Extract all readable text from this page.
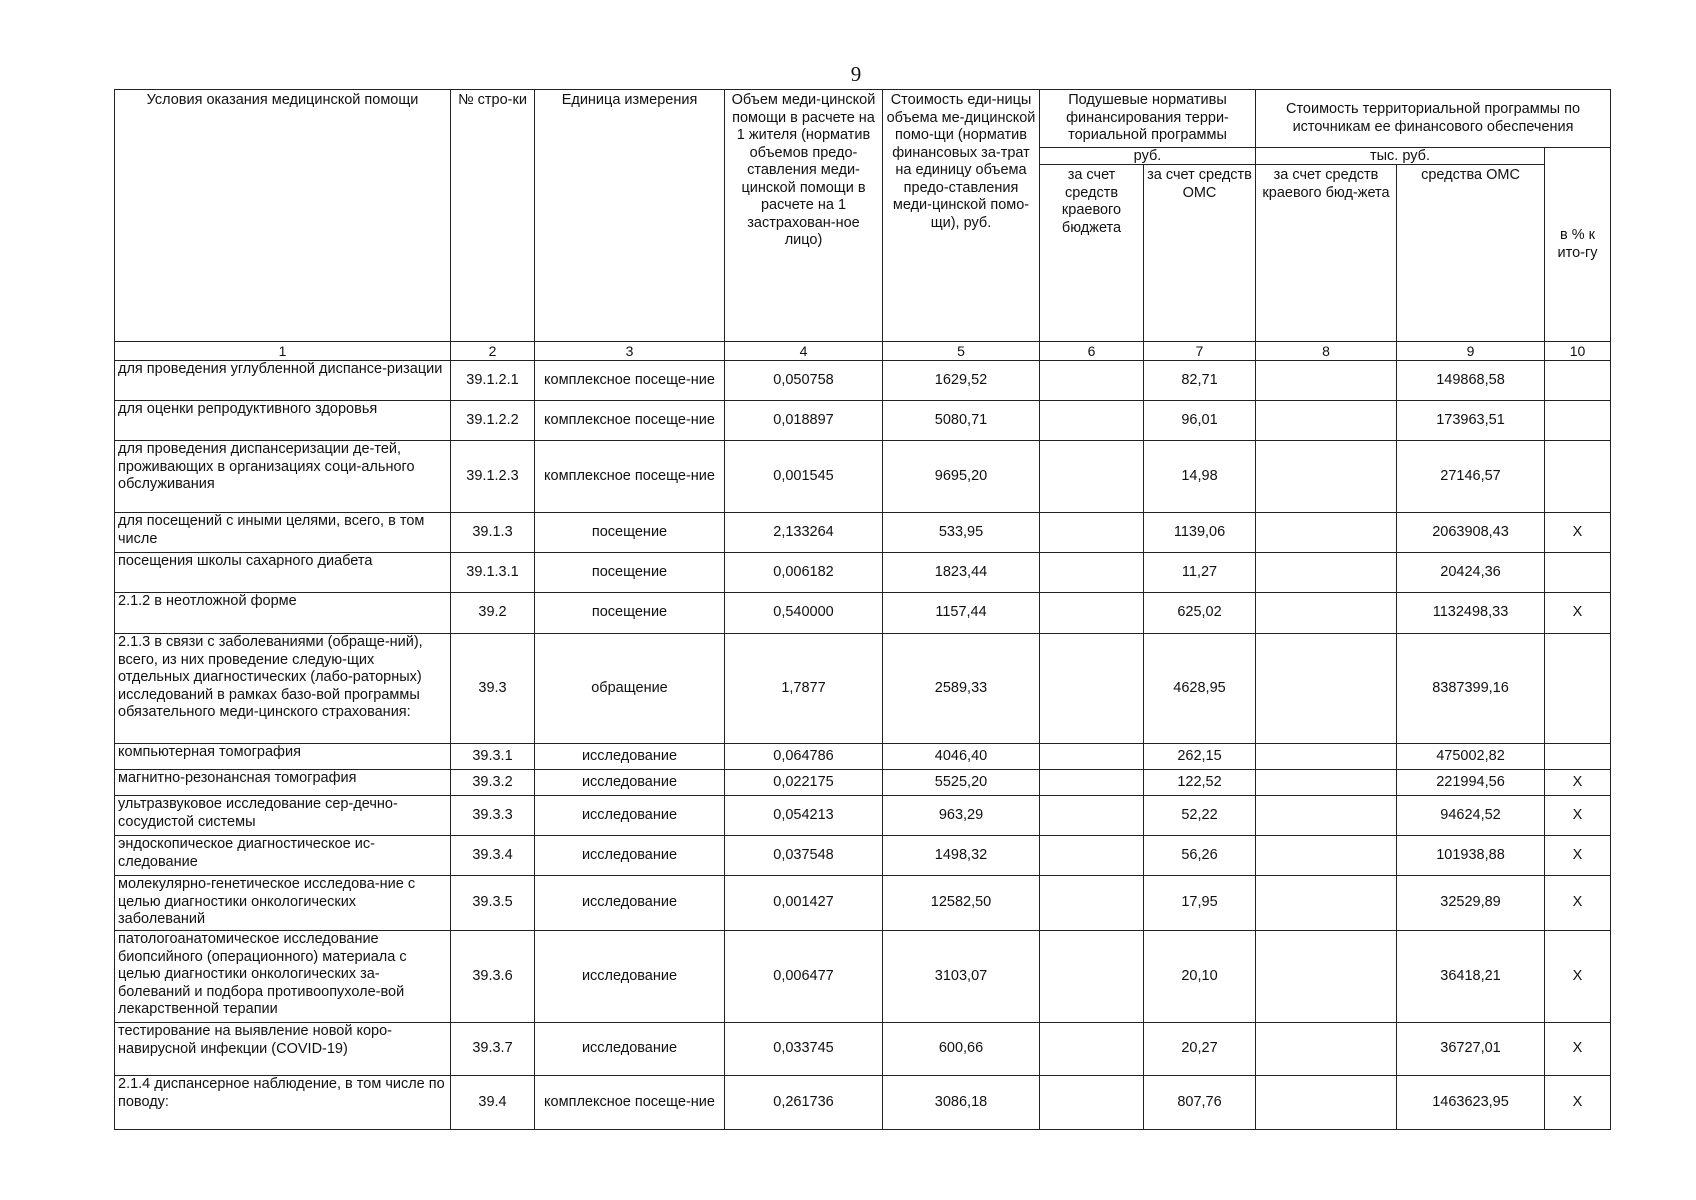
9
Условия оказания медицинской помощи	№ стро-ки	Единица измерения	Объем меди-цинской помощи в расчете на 1 жителя (норматив объемов предо-ставления меди-цинской помощи в расчете на 1 застрахован-ное лицо)	Стоимость еди-ницы объема ме-дицинской помо-щи (норматив финансовых за-трат на единицу объема предо-ставления меди-цинской помо-щи), руб.	Подушевые нормативы финансирования терри-ториальной программы		Стоимость территориальной программы по источникам ее финансового обеспечения		
					руб.		тыс. руб.		в % к ито-гу
					за счет средств краевого бюджета	за счет средств ОМС	за счет средств краевого бюд-жета	средства ОМС	
1	2	3	4	5	6	7	8	9	10
для проведения углубленной диспансе-ризации	39.1.2.1	комплексное посеще-ние	0,050758	1629,52		82,71		149868,58	
для оценки репродуктивного здоровья	39.1.2.2	комплексное посеще-ние	0,018897	5080,71		96,01		173963,51	
для проведения диспансеризации де-тей, проживающих в организациях соци-ального обслуживания	39.1.2.3	комплексное посеще-ние	0,001545	9695,20		14,98		27146,57	
для посещений с иными целями, всего, в том числе	39.1.3	посещение	2,133264	533,95		1139,06		2063908,43	Х
посещения школы сахарного диабета	39.1.3.1	посещение	0,006182	1823,44		11,27		20424,36	
2.1.2 в неотложной форме	39.2	посещение	0,540000	1157,44		625,02		1132498,33	Х
2.1.3 в связи с заболеваниями (обраще-ний), всего, из них проведение следую-щих отдельных диагностических (лабо-раторных) исследований в рамках базо-вой программы обязательного меди-цинского страхования:	39.3	обращение	1,7877	2589,33		4628,95		8387399,16	
компьютерная томография	39.3.1	исследование	0,064786	4046,40		262,15		475002,82	
магнитно-резонансная томография	39.3.2	исследование	0,022175	5525,20		122,52		221994,56	Х
ультразвуковое исследование сер-дечно-сосудистой системы	39.3.3	исследование	0,054213	963,29		52,22		94624,52	Х
эндоскопическое диагностическое ис-следование	39.3.4	исследование	0,037548	1498,32		56,26		101938,88	Х
молекулярно-генетическое исследова-ние с целью диагностики онкологических заболеваний	39.3.5	исследование	0,001427	12582,50		17,95		32529,89	Х
патологоанатомическое исследование биопсийного (операционного) материала с целью диагностики онкологических за-болеваний и подбора противоопухоле-вой лекарственной терапии	39.3.6	исследование	0,006477	3103,07		20,10		36418,21	Х
тестирование на выявление новой коро-навирусной инфекции (COVID-19)	39.3.7	исследование	0,033745	600,66		20,27		36727,01	Х
2.1.4 диспансерное наблюдение, в том числе по поводу:	39.4	комплексное посеще-ние	0,261736	3086,18		807,76		1463623,95	Х
